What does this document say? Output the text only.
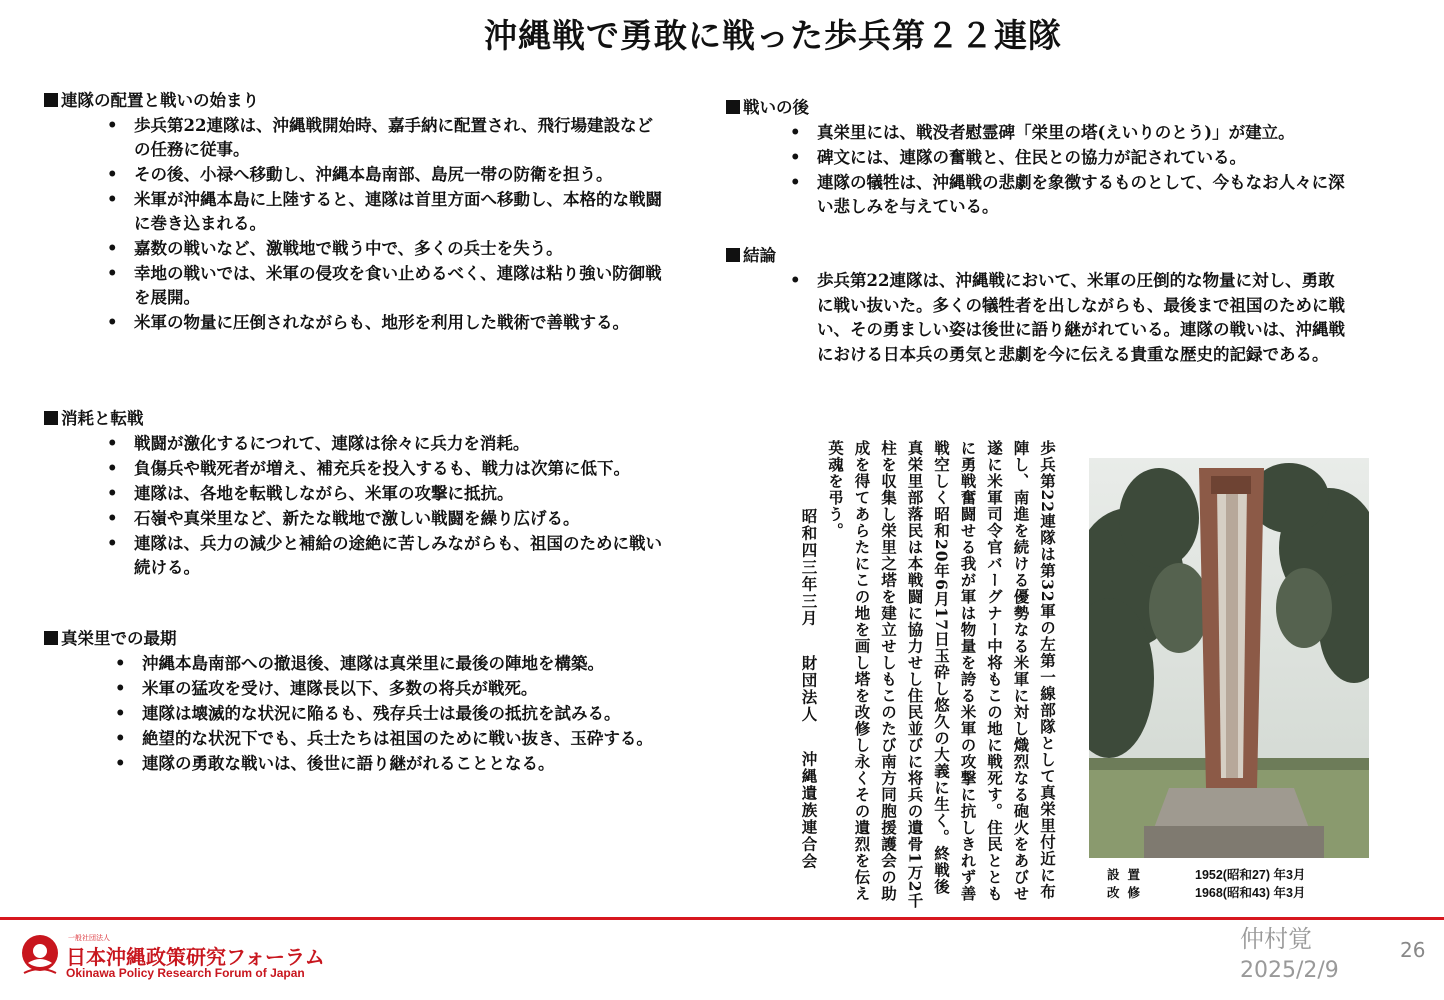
沖縄戦で勇敢に戦った歩兵第２２連隊
連隊の配置と戦いの始まり
• 歩兵第22連隊は、沖縄戦開始時、嘉手納に配置され、飛行場建設などの任務に従事。
• その後、小禄へ移動し、沖縄本島南部、島尻一帯の防衛を担う。
• 米軍が沖縄本島に上陸すると、連隊は首里方面へ移動し、本格的な戦闘に巻き込まれる。
• 嘉数の戦いなど、激戦地で戦う中で、多くの兵士を失う。
• 幸地の戦いでは、米軍の侵攻を食い止めるべく、連隊は粘り強い防御戦を展開。
• 米軍の物量に圧倒されながらも、地形を利用した戦術で善戦する。
消耗と転戦
• 戦闘が激化するにつれて、連隊は徐々に兵力を消耗。
• 負傷兵や戦死者が増え、補充兵を投入するも、戦力は次第に低下。
• 連隊は、各地を転戦しながら、米軍の攻撃に抵抗。
• 石嶺や真栄里など、新たな戦地で激しい戦闘を繰り広げる。
• 連隊は、兵力の減少と補給の途絶に苦しみながらも、祖国のために戦い続ける。
真栄里での最期
• 沖縄本島南部への撤退後、連隊は真栄里に最後の陣地を構築。
• 米軍の猛攻を受け、連隊長以下、多数の将兵が戦死。
• 連隊は壊滅的な状況に陥るも、残存兵士は最後の抵抗を試みる。
• 絶望的な状況下でも、兵士たちは祖国のために戦い抜き、玉砕する。
• 連隊の勇敢な戦いは、後世に語り継がれることとなる。
戦いの後
• 真栄里には、戦没者慰霊碑「栄里の塔(えいりのとう)」が建立。
• 碑文には、連隊の奮戦と、住民との協力が記されている。
• 連隊の犠牲は、沖縄戦の悲劇を象徴するものとして、今もなお人々に深い悲しみを与えている。
結論
• 歩兵第22連隊は、沖縄戦において、米軍の圧倒的な物量に対し、勇敢に戦い抜いた。多くの犠牲者を出しながらも、最後まで祖国のために戦い、その勇ましい姿は後世に語り継がれている。連隊の戦いは、沖縄戦における日本兵の勇気と悲劇を今に伝える貴重な歴史的記録である。

歩兵第22連隊は第32軍の左第一線部隊として真栄里付近に布陣し、南進を続ける優勢なる米軍に対し熾烈なる砲火をあびせ遂に米軍司令官バーグナー中将もこの地に戦死す。住民とともに勇戦奮闘せる我が軍は物量を誇る米軍の攻撃に抗しきれず善戦空しく昭和20年6月17日玉砕し悠久の大義に生く。終戦後真栄里部落民は本戦闘に協力せし住民並びに将兵の遺骨1万2千柱を収集し栄里之塔を建立せしもこのたび南方同胞援護会の助成を得てあらたにこの地を画し塔を改修し永くその遺烈を伝え英魂を弔う。

昭和四三年三月財団法人沖縄遺族連合会

設置	1952(昭和27) 年3月
改修	1968(昭和43) 年3月
一般社団法人
日本沖縄政策研究フォーラム
Okinawa Policy Research Forum of Japan
仲村覚
2025/2/9
26
